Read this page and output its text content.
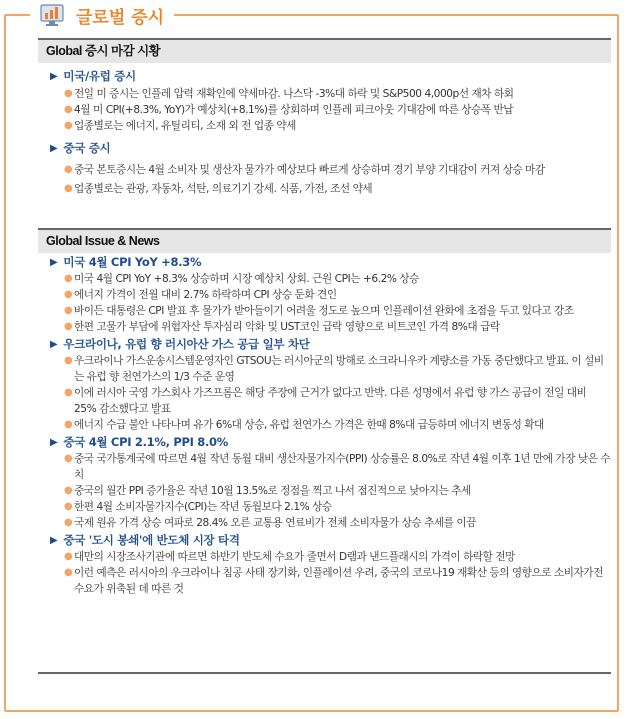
글로벌 증시
Global 증시 마감 시황
▶ 미국/유럽 증시
● 전일 미 증시는 인플레 압력 재확인에 약세마감. 나스닥 -3%대 하락 및 S&P500 4,000p선 재차 하회
● 4월 미 CPI(+8.3%, YoY)가 예상치(+8.1%)를 상회하며 인플레 피크아웃 기대감에 따른 상승폭 반납
● 업종별로는 에너지, 유틸리티, 소재 외 전 업종 약세
▶ 중국 증시
● 중국 본토증시는 4월 소비자 및 생산자 물가가 예상보다 빠르게 상승하며 경기 부양 기대감이 커져 상승 마감
● 업종별로는 관광, 자동차, 석탄, 의료기기 강세. 식품, 가전, 조선 약세
Global Issue & News
▶ 미국 4월 CPI YoY +8.3%
● 미국 4월 CPI YoY +8.3% 상승하며 시장 예상치 상회. 근원 CPI는 +6.2% 상승
● 에너지 가격이 전월 대비 2.7% 하락하며 CPI 상승 둔화 견인
● 바이든 대통령은 CPI 발표 후 물가가 받아들이기 어려울 정도로 높으며 인플레이션 완화에 초점을 두고 있다고 강조
● 한편 고물가 부담에 위험자산 투자심리 악화 및 UST코인 급락 영향으로 비트코인 가격 8%대 급락
▶ 우크라이나, 유럽 향 러시아산 가스 공급 일부 차단
● 우크라이나 가스운송시스템운영자인 GTSOU는 러시아군의 방해로 소크라니우카 계량소를 가동 중단했다고 발표. 이 설비는 유럽 향 천연가스의 1/3 수준 운영
● 이에 러시아 국영 가스회사 가즈프롬은 해당 주장에 근거가 없다고 반박. 다른 성명에서 유럽 향 가스 공급이 전일 대비 25% 감소했다고 발표
● 에너지 수급 불안 나타나며 유가 6%대 상승, 유럽 천연가스 가격은 한때 8%대 급등하며 에너지 변동성 확대
▶ 중국 4월 CPI 2.1%, PPI 8.0%
● 중국 국가통계국에 따르면 4월 작년 동월 대비 생산자물가지수(PPI) 상승률은 8.0%로 작년 4월 이후 1년 만에 가장 낮은 수치
● 중국의 월간 PPI 증가율은 작년 10월 13.5%로 정점을 찍고 나서 점진적으로 낮아지는 추세
● 한편 4월 소비자물가지수(CPI)는 작년 동월보다 2.1% 상승
● 국제 원유 가격 상승 여파로 28.4% 오른 교통용 연료비가 전체 소비자물가 상승 추세를 이끔
▶ 중국 '도시 봉쇄'에 반도체 시장 타격
● 대만의 시장조사기관에 따르면 하반기 반도체 수요가 줄면서 D램과 낸드플래시의 가격이 하락할 전망
● 이런 예측은 러시아의 우크라이나 침공 사태 장기화, 인플레이션 우려, 중국의 코로나19 재확산 등의 영향으로 소비자가전 수요가 위축된 데 따른 것
